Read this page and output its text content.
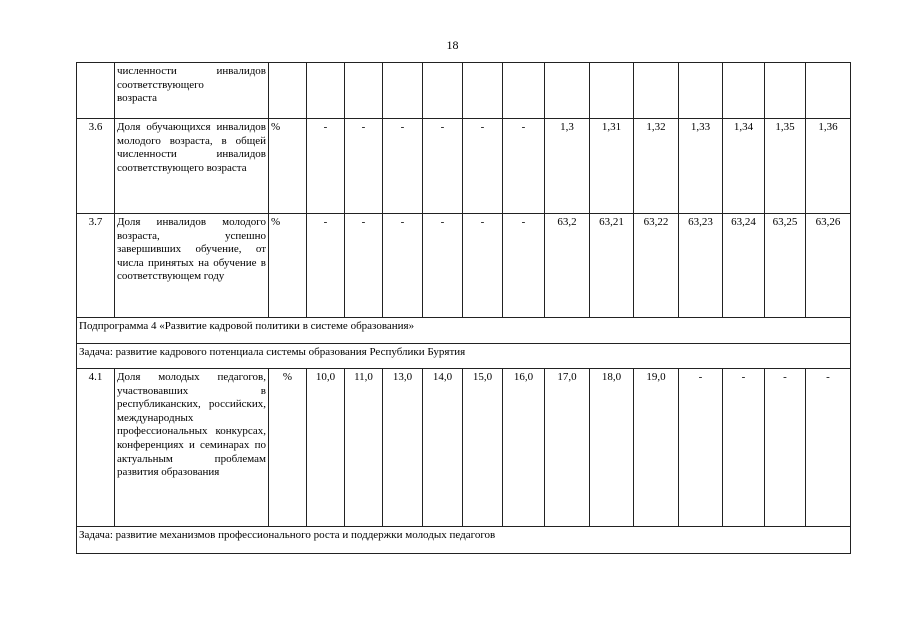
18

	численности инвалидов
соответствующего
возраста														

3.6	Доля обучающихся инвалидов молодого возраста, в общей численности инвалидов соответствующего возраста	%	-	-	-	-	-	-	1,3	1,31	1,32	1,33	1,34	1,35	1,36
3.7	Доля инвалидов молодого возраста, успешно завершивших обучение, от числа принятых на обучение в соответствующем году	%	-	-	-	-	-	-	63,2	63,21	63,22	63,23	63,24	63,25	63,26
Подпрограмма 4 «Развитие кадровой политики в системе образования»															
Задача: развитие кадрового потенциала системы образования Республики Бурятия															
4.1	Доля молодых педагогов, участвовавших в республиканских, российских, международных профессиональных конкурсах, конференциях и семинарах по актуальным проблемам развития образования	%	10,0	11,0	13,0	14,0	15,0	16,0	17,0	18,0	19,0	-	-	-	-
Задача: развитие механизмов профессионального роста и поддержки молодых педагогов															
